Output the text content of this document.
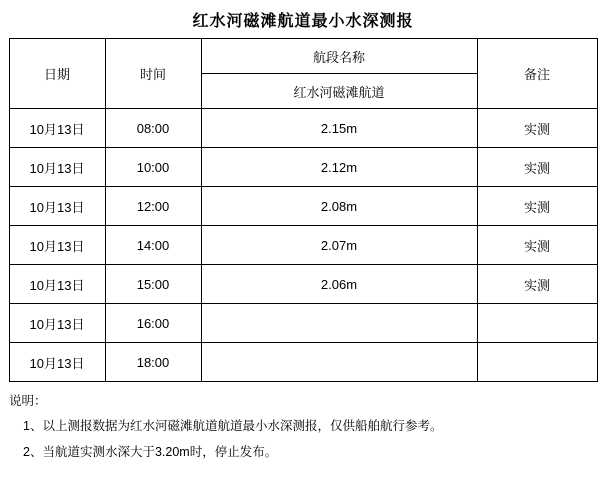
红水河磁滩航道最小水深测报
日期	时间	航段名称	备注
		红水河磁滩航道	
10月13日	08:00	2.15m	实测
10月13日	10:00	2.12m	实测
10月13日	12:00	2.08m	实测
10月13日	14:00	2.07m	实测
10月13日	15:00	2.06m	实测
10月13日	16:00		
10月13日	18:00		
说明：
1、以上测报数据为红水河磁滩航道航道最小水深测报，仅供船舶航行参考。
2、当航道实测水深大于3.20m时，停止发布。
